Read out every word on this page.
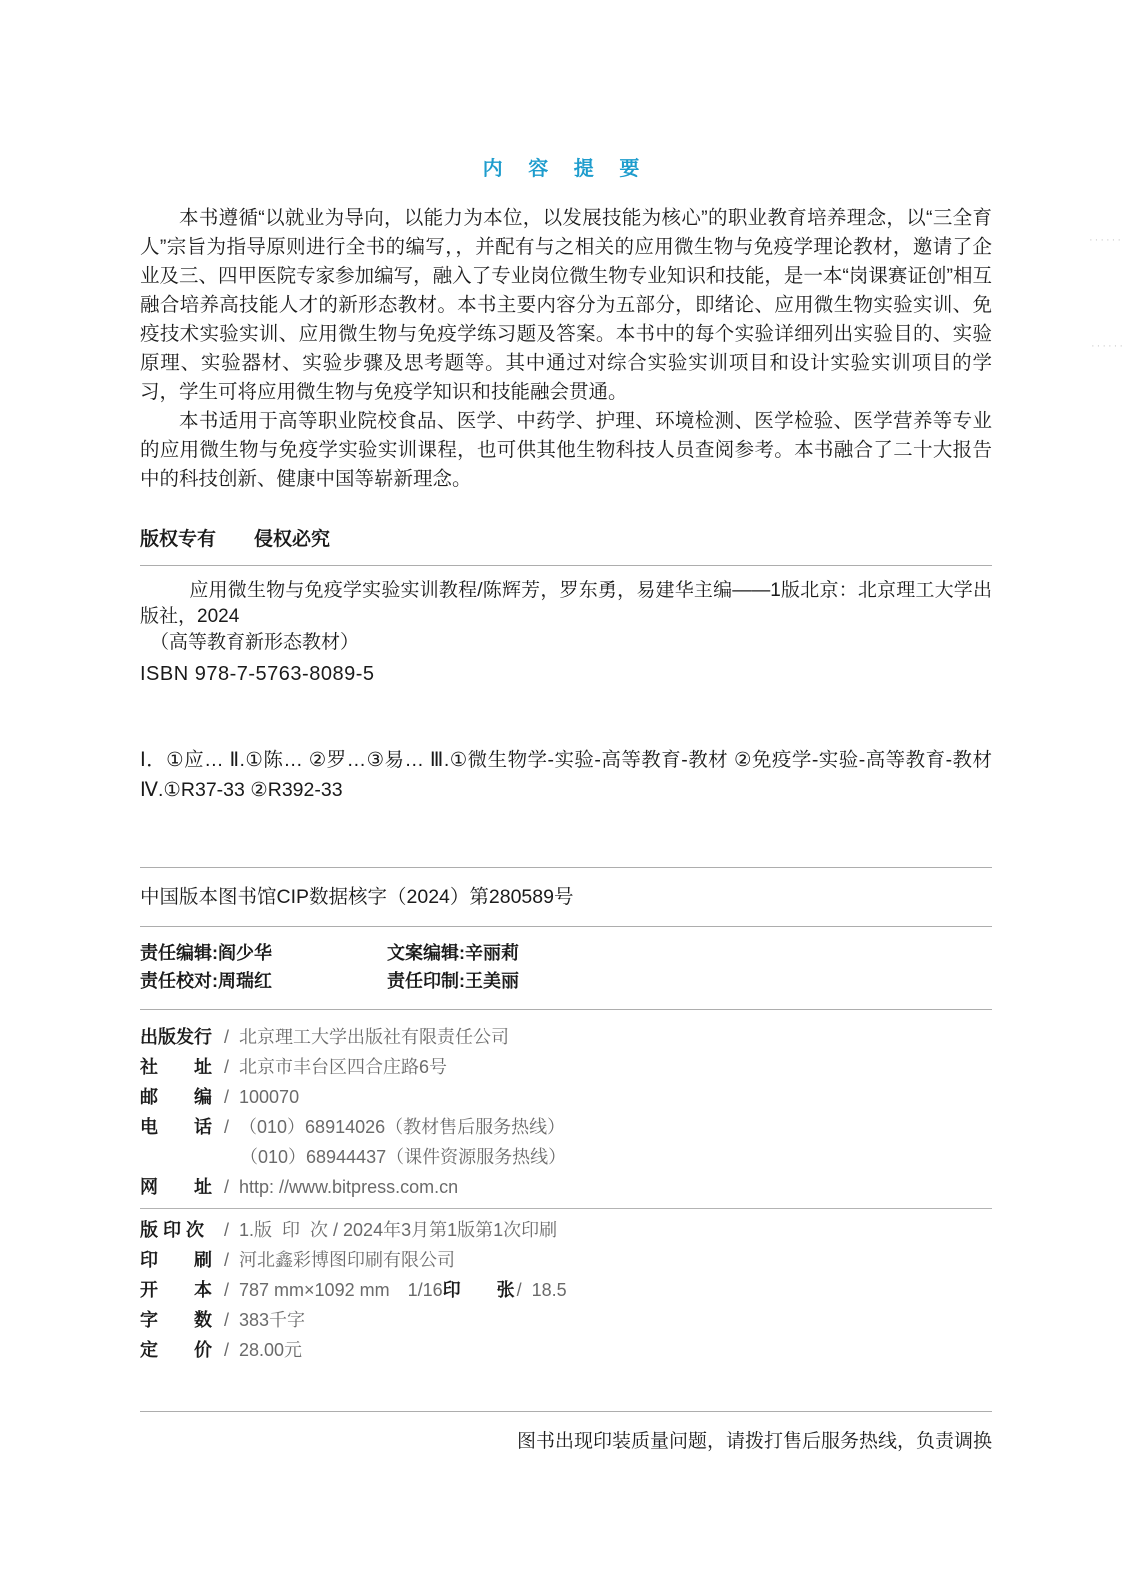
内 容 提 要

本书遵循“以就业为导向，以能力为本位，以发展技能为核心”的职业教育培养理念，以“三全育人”宗旨为指导原则进行全书的编写，，并配有与之相关的应用微生物与免疫学理论教材，邀请了企业及三、四甲医院专家参加编写，融入了专业岗位微生物专业知识和技能，是一本“岗课赛证创”相互融合培养高技能人才的新形态教材。本书主要内容分为五部分，即绪论、应用微生物实验实训、免疫技术实验实训、应用微生物与免疫学练习题及答案。本书中的每个实验详细列出实验目的、实验原理、实验器材、实验步骤及思考题等。其中通过对综合实验实训项目和设计实验实训项目的学习，学生可将应用微生物与免疫学知识和技能融会贯通。

本书适用于高等职业院校食品、医学、中药学、护理、环境检测、医学检验、医学营养等专业的应用微生物与免疫学实验实训课程，也可供其他生物科技人员查阅参考。本书融合了二十大报告中的科技创新、健康中国等崭新理念。

版权专有　　侵权必究
应用微生物与免疫学实验实训教程/陈辉芳，罗东勇，易建华主编——1版北京：北京理工大学出版社，2024
（高等教育新形态教材）
ISBN 978-7-5763-8089-5
Ⅰ．①应… Ⅱ.①陈… ②罗…③易… Ⅲ.①微生物学-实验-高等教育-教材 ②免疫学-实验-高等教育-教材 Ⅳ.①R37-33 ②R392-33
中国版本图书馆CIP数据核字（2024）第280589号
责任编辑:阎少华	文案编辑:辛丽莉
责任校对:周瑞红	责任印制:王美丽
出版发行 / 北京理工大学出版社有限责任公司
社　　址 / 北京市丰台区四合庄路6号
邮　　编 / 100070
电　　话 / （010）68914026（教材售后服务热线）
（010）68944437（课件资源服务热线）
网　　址 / http: //www.bitpress.com.cn
版 印 次 / 1.版  印  次 / 2024年3月第1版第1次印刷
印　　刷 / 河北鑫彩博图印刷有限公司
开　　本 / 787 mm×1092 mm　1/16印　　张 / 18.5
字　　数 / 383千字
定　　价 / 28.00元
图书出现印装质量问题，请拨打售后服务热线，负责调换
······
······
